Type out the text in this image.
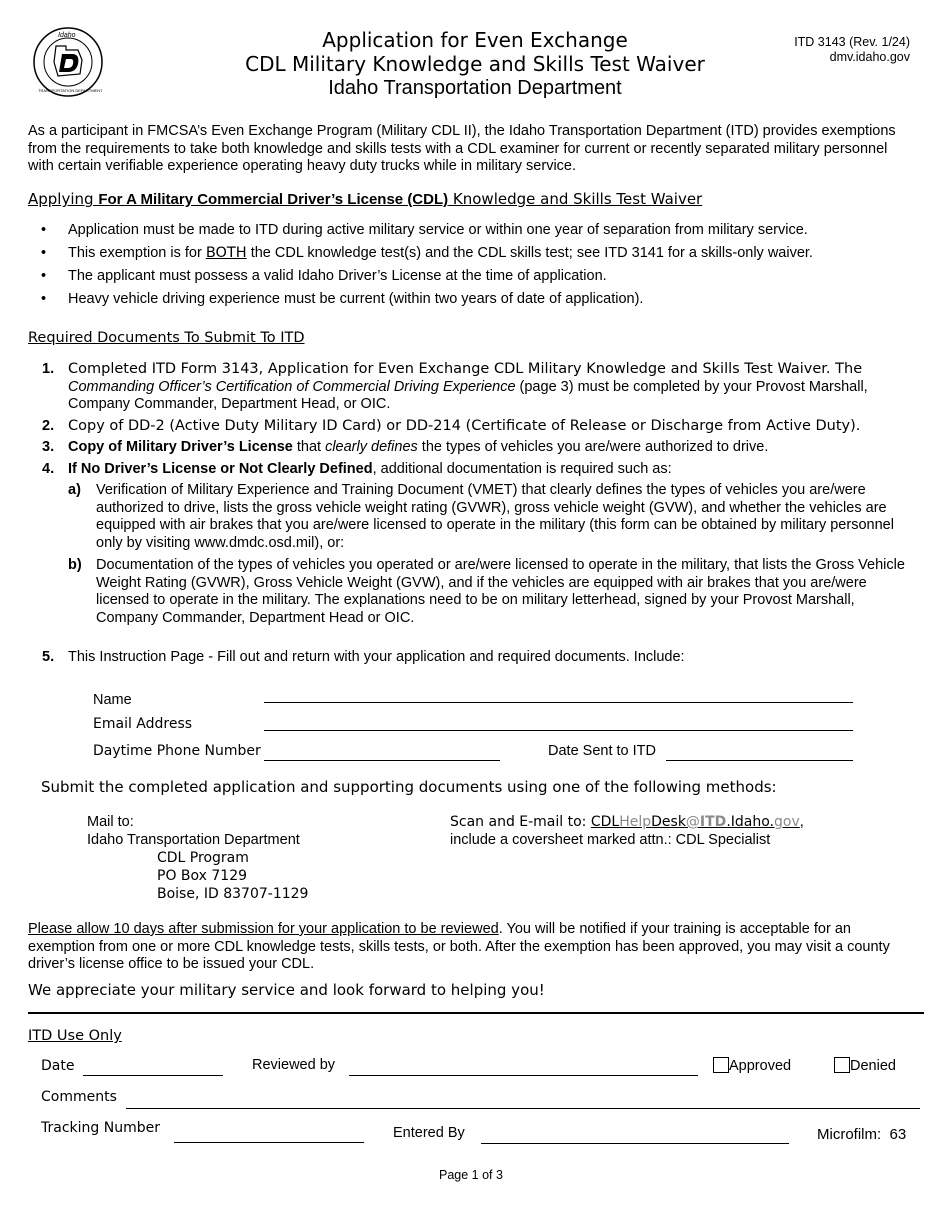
Idaho
TRANSPORTATION DEPARTMENT
Application for Even Exchange
CDL Military Knowledge and Skills Test Waiver
Idaho Transportation Department
ITD 3143 (Rev. 1/24)
dmv.idaho.gov
As a participant in FMCSA’s Even Exchange Program (Military CDL II), the Idaho Transportation Department (ITD) provides exemptions from the requirements to take both knowledge and skills tests with a CDL examiner for current or recently separated military personnel with certain verifiable experience operating heavy duty trucks while in military service.
Applying For A Military Commercial Driver’s License (CDL) Knowledge and Skills Test Waiver
• Application must be made to ITD during active military service or within one year of separation from military service.
• This exemption is for BOTH the CDL knowledge test(s) and the CDL skills test; see ITD 3141 for a skills-only waiver.
• The applicant must possess a valid Idaho Driver’s License at the time of application.
• Heavy vehicle driving experience must be current (within two years of date of application).
Required Documents To Submit To ITD
1. Completed ITD Form 3143, Application for Even Exchange CDL Military Knowledge and Skills Test Waiver. The Commanding Officer’s Certification of Commercial Driving Experience (page 3) must be completed by your Provost Marshall, Company Commander, Department Head, or OIC.
2. Copy of DD-2 (Active Duty Military ID Card) or DD-214 (Certificate of Release or Discharge from Active Duty).
3. Copy of Military Driver’s License that clearly defines the types of vehicles you are/were authorized to drive.
4. If No Driver’s License or Not Clearly Defined, additional documentation is required such as:
a) Verification of Military Experience and Training Document (VMET) that clearly defines the types of vehicles you are/were authorized to drive, lists the gross vehicle weight rating (GVWR), gross vehicle weight (GVW), and whether the vehicles are equipped with air brakes that you are/were licensed to operate in the military (this form can be obtained by military personnel only by visiting www.dmdc.osd.mil), or:
b) Documentation of the types of vehicles you operated or are/were licensed to operate in the military, that lists the Gross Vehicle Weight Rating (GVWR), Gross Vehicle Weight (GVW), and if the vehicles are equipped with air brakes that you are/were licensed to operate in the military. The explanations need to be on military letterhead, signed by your Provost Marshall, Company Commander, Department Head or OIC.
5. This Instruction Page - Fill out and return with your application and required documents. Include:
Name
Email Address
Daytime Phone Number	Date Sent to ITD
Submit the completed application and supporting documents using one of the following methods:
Mail to:
Idaho Transportation Department
CDL Program
PO Box 7129
Boise, ID 83707-1129
Scan and E-mail to: CDLHelpDesk@ITD.Idaho.gov,
include a coversheet marked attn.: CDL Specialist
Please allow 10 days after submission for your application to be reviewed. You will be notified if your training is acceptable for an exemption from one or more CDL knowledge tests, skills tests, or both. After the exemption has been approved, you may visit a county driver’s license office to be issued your CDL.
We appreciate your military service and look forward to helping you!
ITD Use Only
Date	Reviewed by	Approved	Denied
Comments
Tracking Number	Entered By	Microfilm: 63
Page 1 of 3
